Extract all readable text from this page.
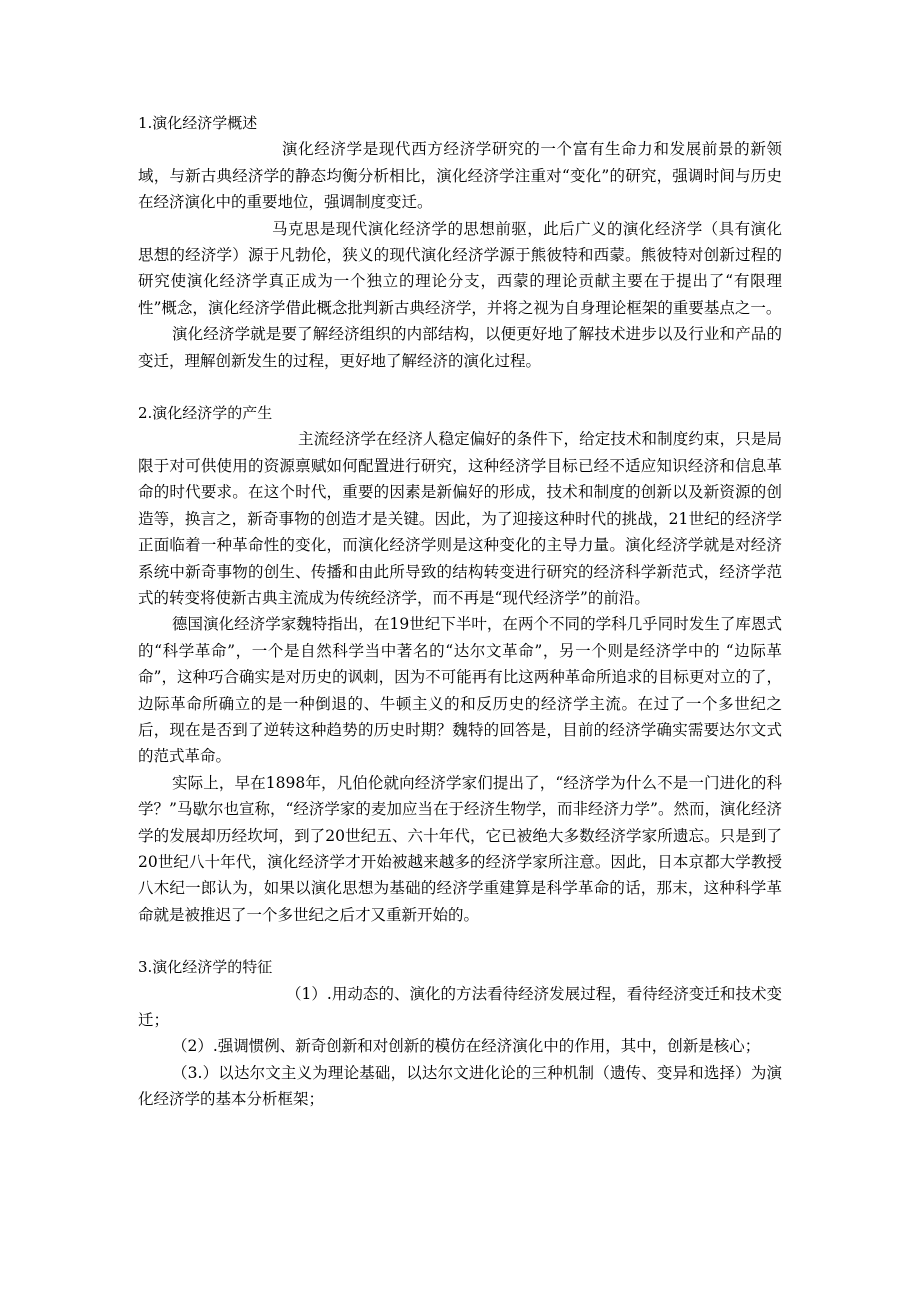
1.演化经济学概述

演化经济学是现代西方经济学研究的一个富有生命力和发展前景的新领域，与新古典经济学的静态均衡分析相比，演化经济学注重对“变化”的研究，强调时间与历史在经济演化中的重要地位，强调制度变迁。

马克思是现代演化经济学的思想前驱，此后广义的演化经济学（具有演化思想的经济学）源于凡勃伦，狭义的现代演化经济学源于熊彼特和西蒙。熊彼特对创新过程的研究使演化经济学真正成为一个独立的理论分支，西蒙的理论贡献主要在于提出了“有限理性”概念，演化经济学借此概念批判新古典经济学，并将之视为自身理论框架的重要基点之一。

演化经济学就是要了解经济组织的内部结构，以便更好地了解技术进步以及行业和产品的变迁，理解创新发生的过程，更好地了解经济的演化过程。

2.演化经济学的产生

主流经济学在经济人稳定偏好的条件下，给定技术和制度约束，只是局限于对可供使用的资源禀赋如何配置进行研究，这种经济学目标已经不适应知识经济和信息革命的时代要求。在这个时代，重要的因素是新偏好的形成，技术和制度的创新以及新资源的创造等，换言之，新奇事物的创造才是关键。因此，为了迎接这种时代的挑战，21世纪的经济学正面临着一种革命性的变化，而演化经济学则是这种变化的主导力量。演化经济学就是对经济系统中新奇事物的创生、传播和由此所导致的结构转变进行研究的经济科学新范式，经济学范式的转变将使新古典主流成为传统经济学，而不再是“现代经济学”的前沿。

德国演化经济学家魏特指出，在19世纪下半叶，在两个不同的学科几乎同时发生了库恩式的“科学革命”，一个是自然科学当中著名的“达尔文革命”，另一个则是经济学中的 “边际革命”，这种巧合确实是对历史的讽刺，因为不可能再有比这两种革命所追求的目标更对立的了，边际革命所确立的是一种倒退的、牛顿主义的和反历史的经济学主流。在过了一个多世纪之后，现在是否到了逆转这种趋势的历史时期？魏特的回答是，目前的经济学确实需要达尔文式的范式革命。

实际上，早在1898年，凡伯伦就向经济学家们提出了，“经济学为什么不是一门进化的科学？”马歇尔也宣称，“经济学家的麦加应当在于经济生物学，而非经济力学”。然而，演化经济学的发展却历经坎坷，到了20世纪五、六十年代，它已被绝大多数经济学家所遗忘。只是到了20世纪八十年代，演化经济学才开始被越来越多的经济学家所注意。因此，日本京都大学教授八木纪一郎认为，如果以演化思想为基础的经济学重建算是科学革命的话，那末，这种科学革命就是被推迟了一个多世纪之后才又重新开始的。

3.演化经济学的特征

（1）.用动态的、演化的方法看待经济发展过程，看待经济变迁和技术变迁；

（2）.强调惯例、新奇创新和对创新的模仿在经济演化中的作用，其中，创新是核心；

（3.）以达尔文主义为理论基础，以达尔文进化论的三种机制（遗传、变异和选择）为演化经济学的基本分析框架；
